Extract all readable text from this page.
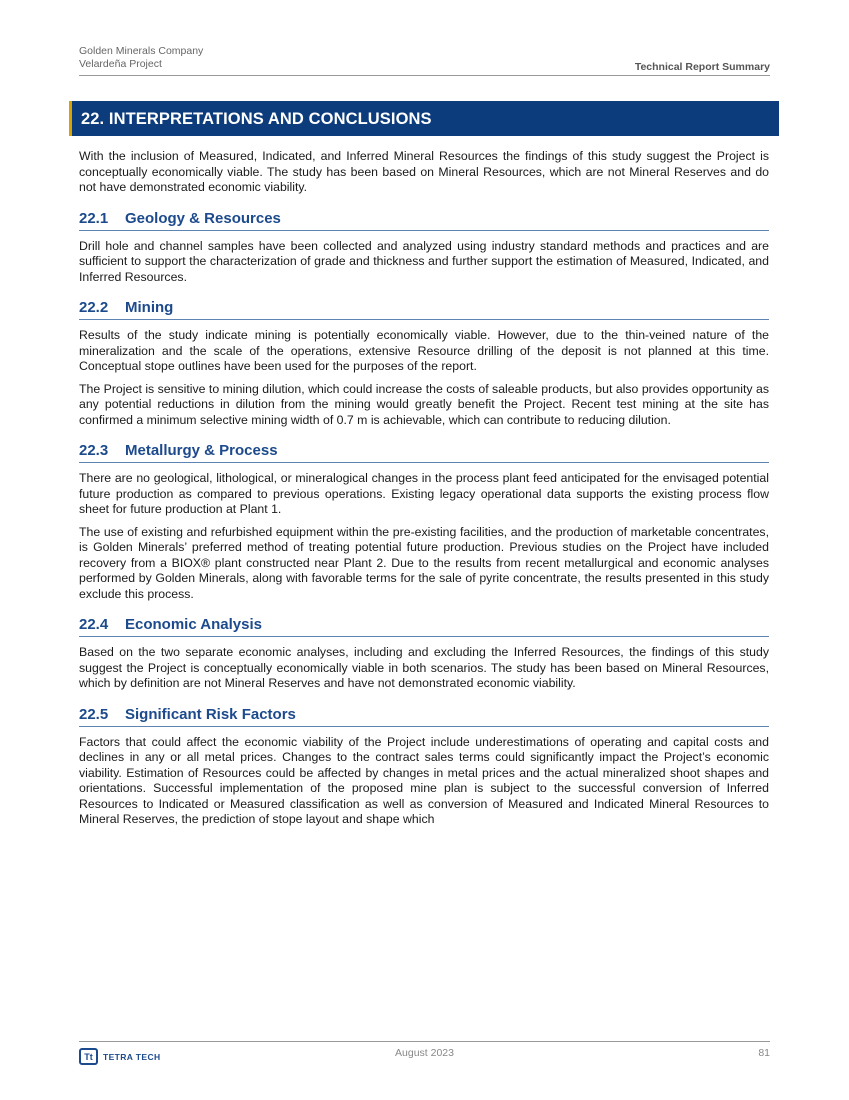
Golden Minerals Company
Velardeña Project	Technical Report Summary
22. INTERPRETATIONS AND CONCLUSIONS

With the inclusion of Measured, Indicated, and Inferred Mineral Resources the findings of this study suggest the Project is conceptually economically viable. The study has been based on Mineral Resources, which are not Mineral Reserves and do not have demonstrated economic viability.

22.1	Geology & Resources

Drill hole and channel samples have been collected and analyzed using industry standard methods and practices and are sufficient to support the characterization of grade and thickness and further support the estimation of Measured, Indicated, and Inferred Resources.

22.2	Mining

Results of the study indicate mining is potentially economically viable. However, due to the thin-veined nature of the mineralization and the scale of the operations, extensive Resource drilling of the deposit is not planned at this time. Conceptual stope outlines have been used for the purposes of the report.

The Project is sensitive to mining dilution, which could increase the costs of saleable products, but also provides opportunity as any potential reductions in dilution from the mining would greatly benefit the Project. Recent test mining at the site has confirmed a minimum selective mining width of 0.7 m is achievable, which can contribute to reducing dilution.

22.3	Metallurgy & Process

There are no geological, lithological, or mineralogical changes in the process plant feed anticipated for the envisaged potential future production as compared to previous operations. Existing legacy operational data supports the existing process flow sheet for future production at Plant 1.

The use of existing and refurbished equipment within the pre-existing facilities, and the production of marketable concentrates, is Golden Minerals’ preferred method of treating potential future production. Previous studies on the Project have included recovery from a BIOX® plant constructed near Plant 2. Due to the results from recent metallurgical and economic analyses performed by Golden Minerals, along with favorable terms for the sale of pyrite concentrate, the results presented in this study exclude this process.

22.4	Economic Analysis

Based on the two separate economic analyses, including and excluding the Inferred Resources, the findings of this study suggest the Project is conceptually economically viable in both scenarios. The study has been based on Mineral Resources, which by definition are not Mineral Reserves and have not demonstrated economic viability.

22.5	Significant Risk Factors

Factors that could affect the economic viability of the Project include underestimations of operating and capital costs and declines in any or all metal prices. Changes to the contract sales terms could significantly impact the Project’s economic viability. Estimation of Resources could be affected by changes in metal prices and the actual mineralized shoot shapes and orientations. Successful implementation of the proposed mine plan is subject to the successful conversion of Inferred Resources to Indicated or Measured classification as well as conversion of Measured and Indicated Mineral Resources to Mineral Reserves, the prediction of stope layout and shape which

Tt	TETRA TECH	August 2023	81
